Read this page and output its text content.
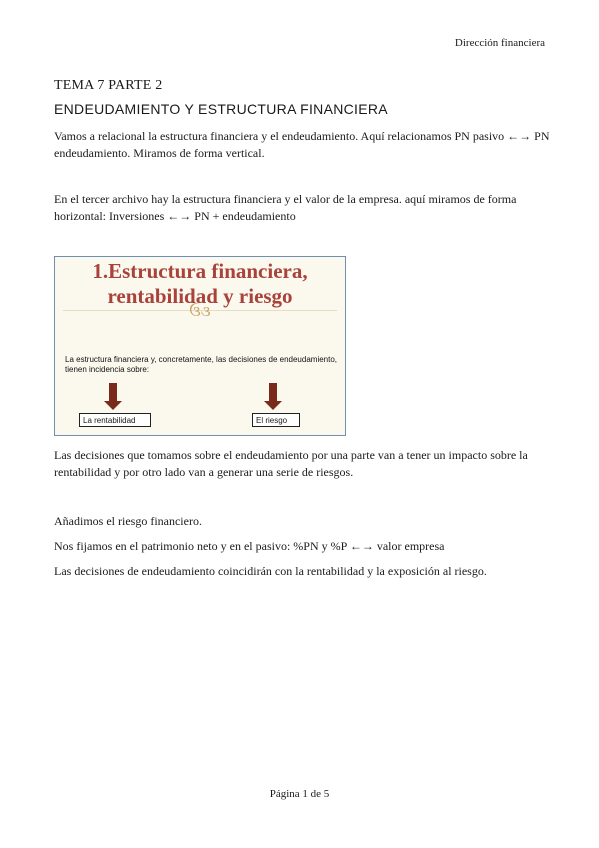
Dirección financiera
TEMA 7 PARTE 2
ENDEUDAMIENTO Y ESTRUCTURA FINANCIERA
Vamos a relacional la estructura financiera y el endeudamiento. Aquí relacionamos PN pasivo ←→ PN endeudamiento. Miramos de forma vertical.
En el tercer archivo hay la estructura financiera y el valor de la empresa. aquí miramos de forma horizontal: Inversiones ←→ PN + endeudamiento
1.Estructura financiera,
rentabilidad y riesgo
ઉ૩
La estructura financiera y, concretamente, las decisiones de endeudamiento, tienen incidencia sobre:
La rentabilidad	El riesgo
Las decisiones que tomamos sobre el endeudamiento por una parte van a tener un impacto sobre la rentabilidad y por otro lado van a generar una serie de riesgos.
Añadimos el riesgo financiero.
Nos fijamos en el patrimonio neto y en el pasivo: %PN y %P ←→ valor empresa
Las decisiones de endeudamiento coincidirán con la rentabilidad y la exposición al riesgo.
Página 1 de 5
